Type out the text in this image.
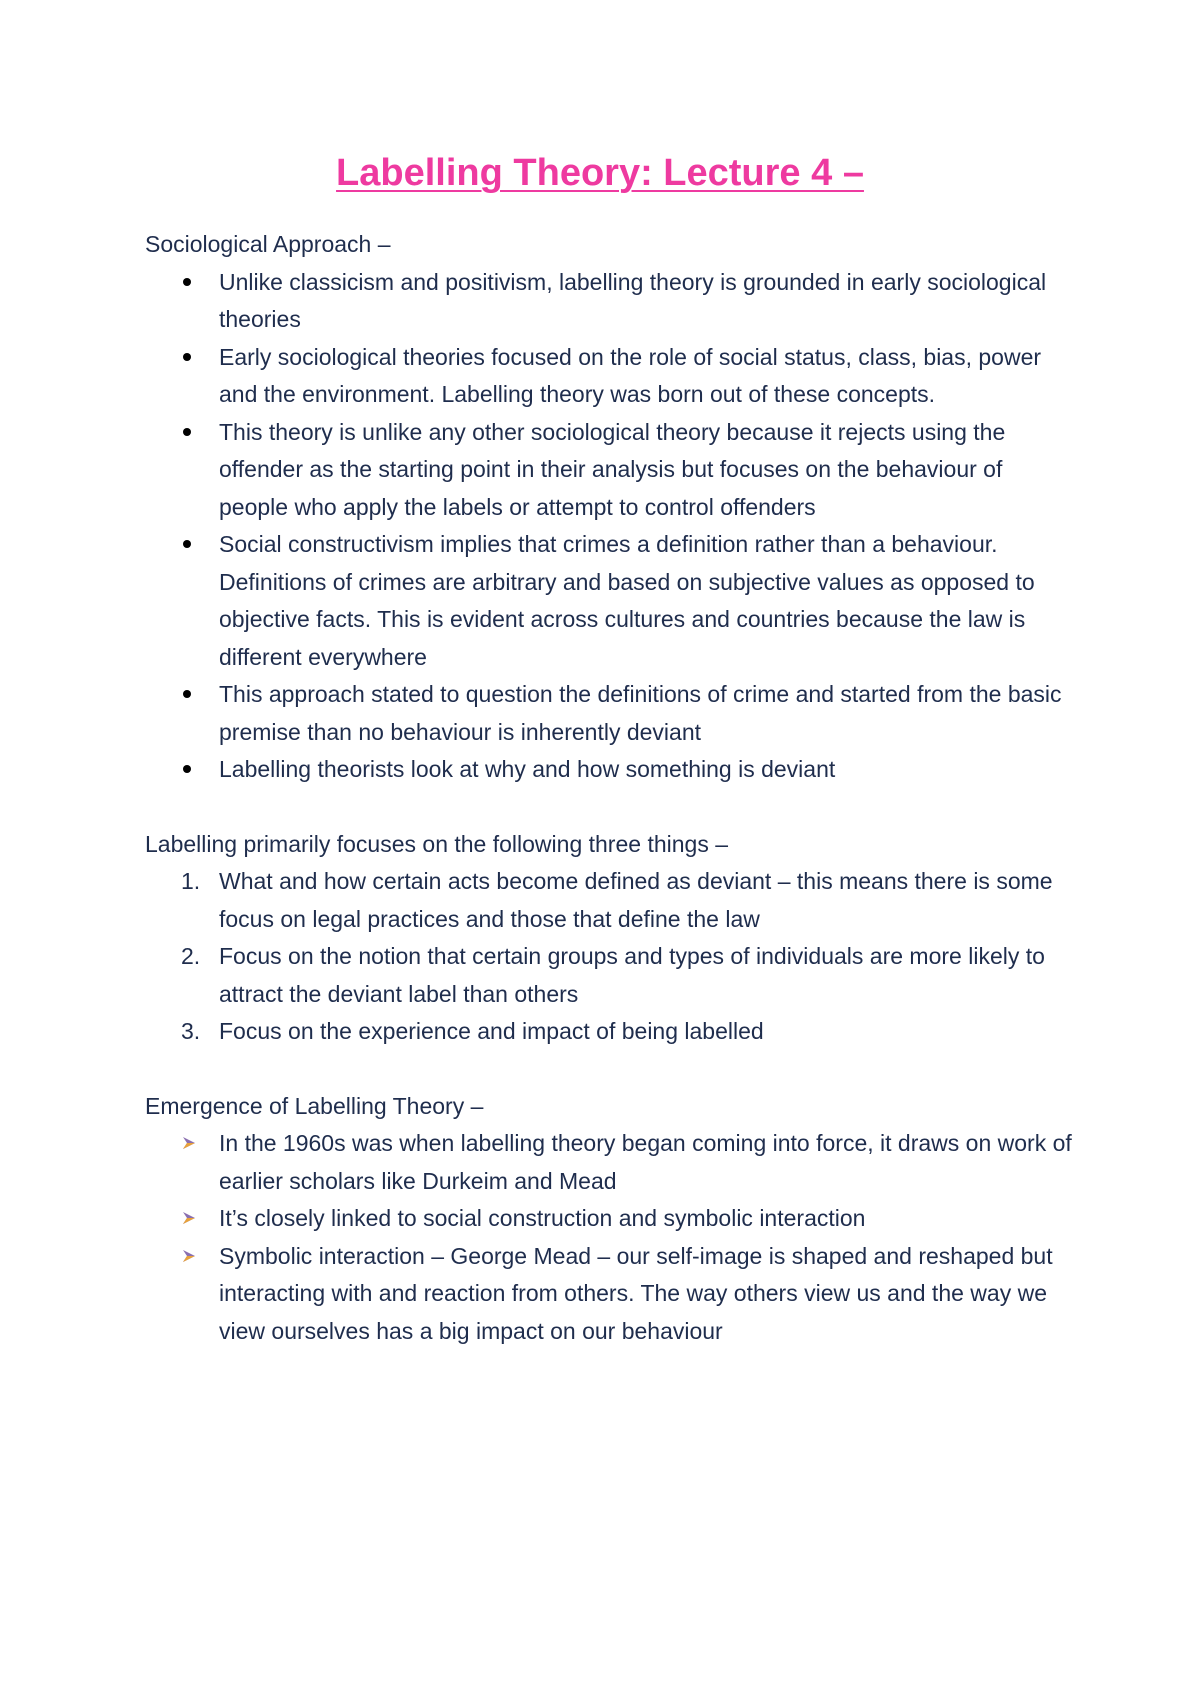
Labelling Theory: Lecture 4 –

Sociological Approach –

Unlike classicism and positivism, labelling theory is grounded in early sociological theories
Early sociological theories focused on the role of social status, class, bias, power and the environment. Labelling theory was born out of these concepts.
This theory is unlike any other sociological theory because it rejects using the offender as the starting point in their analysis but focuses on the behaviour of people who apply the labels or attempt to control offenders
Social constructivism implies that crimes a definition rather than a behaviour. Definitions of crimes are arbitrary and based on subjective values as opposed to objective facts. This is evident across cultures and countries because the law is different everywhere
This approach stated to question the definitions of crime and started from the basic premise than no behaviour is inherently deviant
Labelling theorists look at why and how something is deviant

Labelling primarily focuses on the following three things –

1. What and how certain acts become defined as deviant – this means there is some focus on legal practices and those that define the law
2. Focus on the notion that certain groups and types of individuals are more likely to attract the deviant label than others
3. Focus on the experience and impact of being labelled

Emergence of Labelling Theory –

In the 1960s was when labelling theory began coming into force, it draws on work of earlier scholars like Durkeim and Mead
It’s closely linked to social construction and symbolic interaction
Symbolic interaction – George Mead – our self-image is shaped and reshaped but interacting with and reaction from others. The way others view us and the way we view ourselves has a big impact on our behaviour
